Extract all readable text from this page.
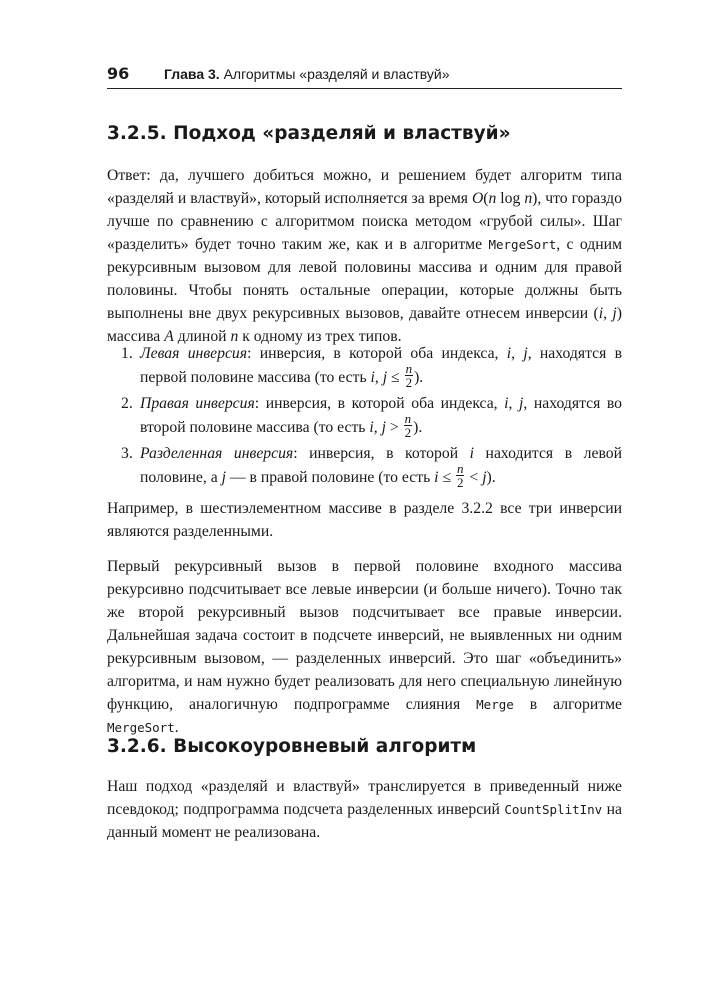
96 Глава 3. Алгоритмы «разделяй и властвуй»
3.2.5. Подход «разделяй и властвуй»
Ответ: да, лучшего добиться можно, и решением будет алгоритм типа «разделяй и властвуй», который исполняется за время O(n log n), что гораздо лучше по сравнению с алгоритмом поиска методом «грубой силы». Шаг «разделить» будет точно таким же, как и в алгоритме MergeSort, с одним рекурсивным вызовом для левой половины массива и одним для правой половины. Чтобы понять остальные операции, которые должны быть выполнены вне двух рекурсивных вызовов, давайте отнесем инверсии (i, j) массива A длиной n к одному из трех типов.
1. Левая инверсия: инверсия, в которой оба индекса, i, j, находятся в первой половине массива (то есть i, $j \le \frac{n}{2}$ ).
2. Правая инверсия: инверсия, в которой оба индекса, i, j, находятся во второй половине массива (то есть i, $j > \frac{n}{2}$ ).
3. Разделенная инверсия: инверсия, в которой i находится в левой половине, а j — в правой половине (то есть $i \le \frac{n}{2} < j$).
Например, в шестиэлементном массиве в разделе 3.2.2 все три инверсии являются разделенными.
Первый рекурсивный вызов в первой половине входного массива рекурсивно подсчитывает все левые инверсии (и больше ничего). Точно так же второй рекурсивный вызов подсчитывает все правые инверсии. Дальнейшая задача состоит в подсчете инверсий, не выявленных ни одним рекурсивным вызовом, — разделенных инверсий. Это шаг «объединить» алгоритма, и нам нужно будет реализовать для него специальную линейную функцию, аналогичную подпрограмме слияния Merge в алгоритме MergeSort.
3.2.6. Высокоуровневый алгоритм
Наш подход «разделяй и властвуй» транслируется в приведенный ниже псевдокод; подпрограмма подсчета разделенных инверсий CountSplitInv на данный момент не реализована.
